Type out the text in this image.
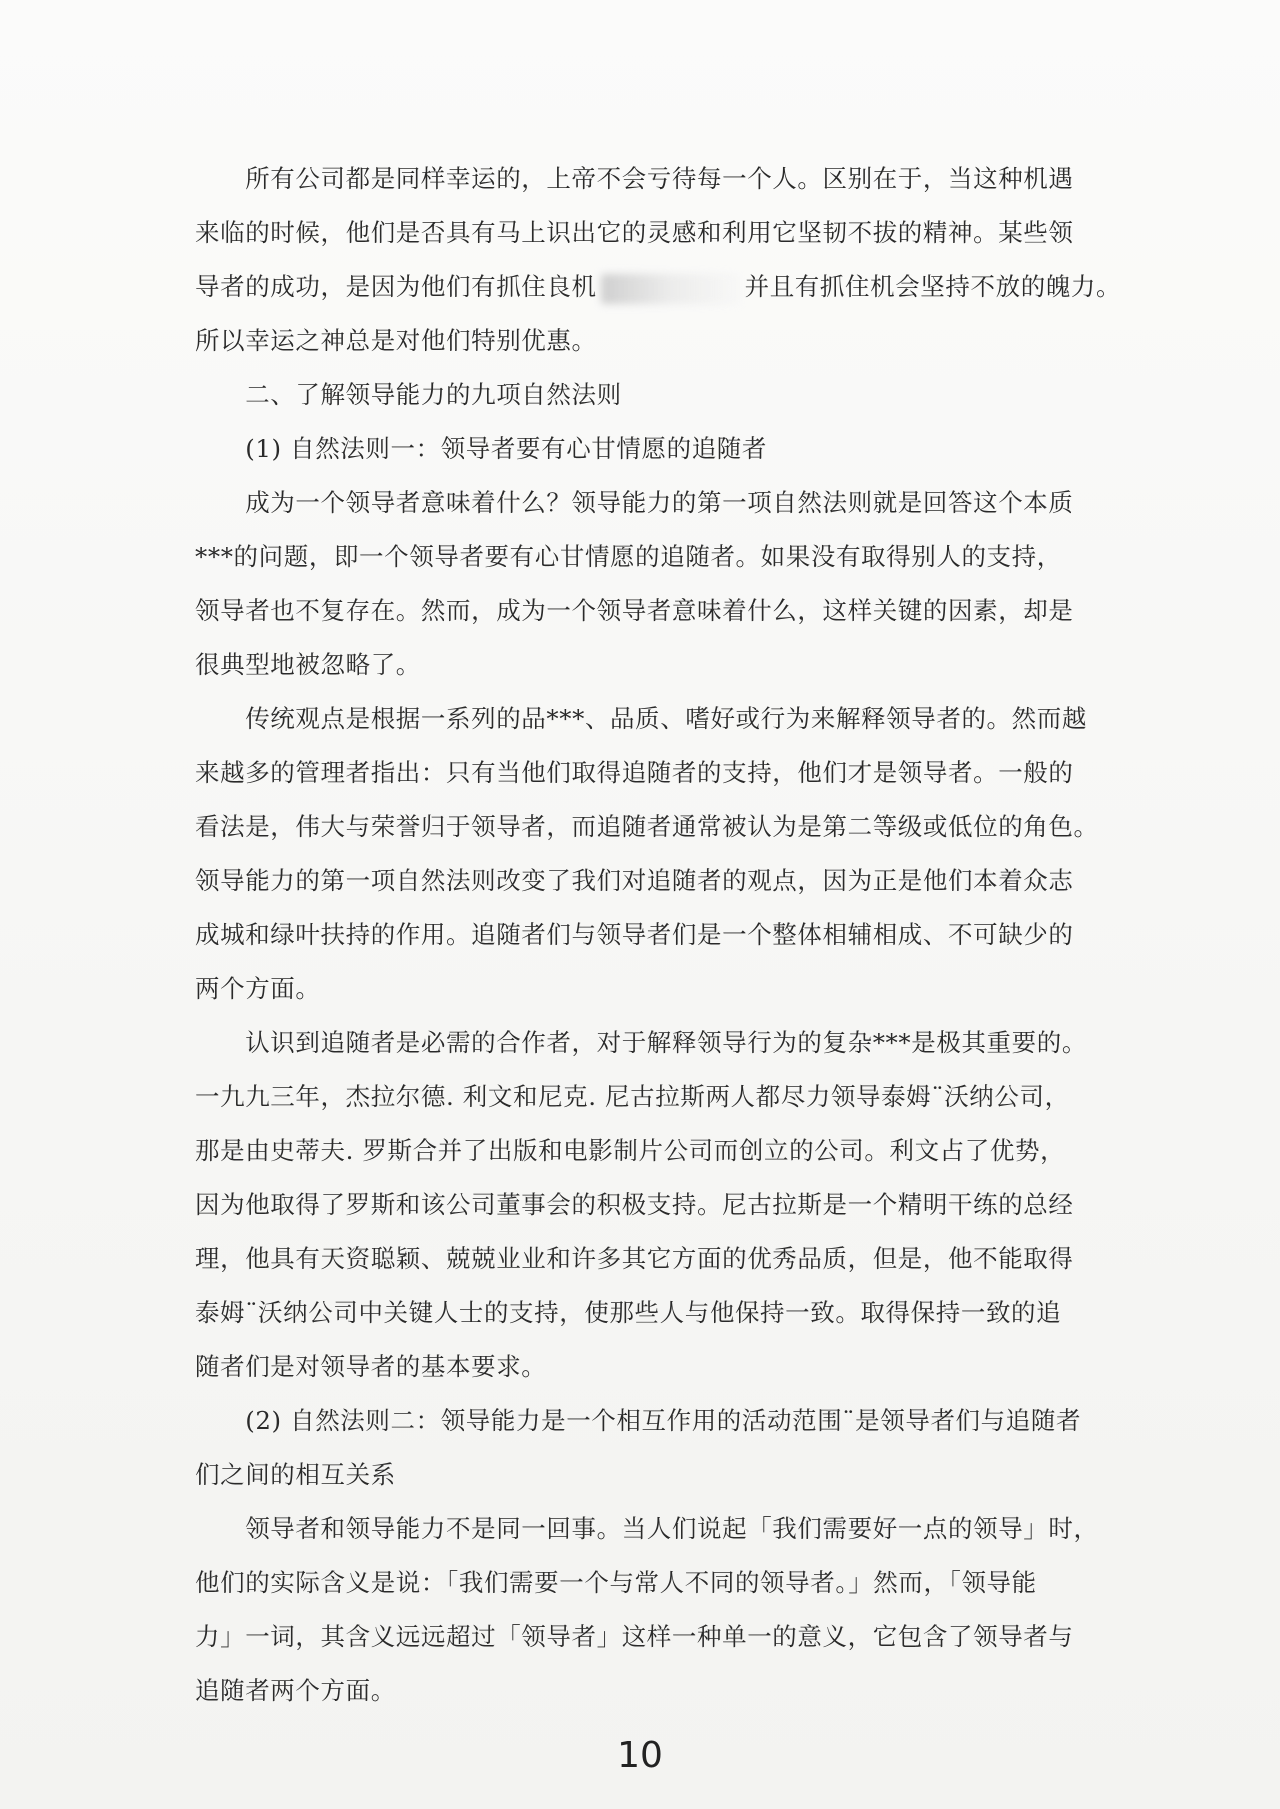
　　所有公司都是同样幸运的，上帝不会亏待每一个人。区别在于，当这种机遇
来临的时候，他们是否具有马上识出它的灵感和利用它坚韧不拔的精神。某些领
导者的成功，是因为他们有抓住良机	并且有抓住机会坚持不放的魄力。
所以幸运之神总是对他们特别优惠。
　　二、了解领导能力的九项自然法则
　　(1) 自然法则一：领导者要有心甘情愿的追随者
　　成为一个领导者意味着什么？领导能力的第一项自然法则就是回答这个本质
***的问题，即一个领导者要有心甘情愿的追随者。如果没有取得别人的支持，
领导者也不复存在。然而，成为一个领导者意味着什么，这样关键的因素，却是
很典型地被忽略了。
　　传统观点是根据一系列的品***、品质、嗜好或行为来解释领导者的。然而越
来越多的管理者指出：只有当他们取得追随者的支持，他们才是领导者。一般的
看法是，伟大与荣誉归于领导者，而追随者通常被认为是第二等级或低位的角色。
领导能力的第一项自然法则改变了我们对追随者的观点，因为正是他们本着众志
成城和绿叶扶持的作用。追随者们与领导者们是一个整体相辅相成、不可缺少的
两个方面。
　　认识到追随者是必需的合作者，对于解释领导行为的复杂***是极其重要的。
一九九三年，杰拉尔德. 利文和尼克. 尼古拉斯两人都尽力领导泰姆¨沃纳公司，
那是由史蒂夫. 罗斯合并了出版和电影制片公司而创立的公司。利文占了优势，
因为他取得了罗斯和该公司董事会的积极支持。尼古拉斯是一个精明干练的总经
理，他具有天资聪颖、兢兢业业和许多其它方面的优秀品质，但是，他不能取得
泰姆¨沃纳公司中关键人士的支持，使那些人与他保持一致。取得保持一致的追
随者们是对领导者的基本要求。
　　(2) 自然法则二：领导能力是一个相互作用的活动范围¨是领导者们与追随者
们之间的相互关系
　　领导者和领导能力不是同一回事。当人们说起「我们需要好一点的领导」时，
他们的实际含义是说：「我们需要一个与常人不同的领导者。」然而，「领导能
力」一词，其含义远远超过「领导者」这样一种单一的意义，它包含了领导者与
追随者两个方面。
10
